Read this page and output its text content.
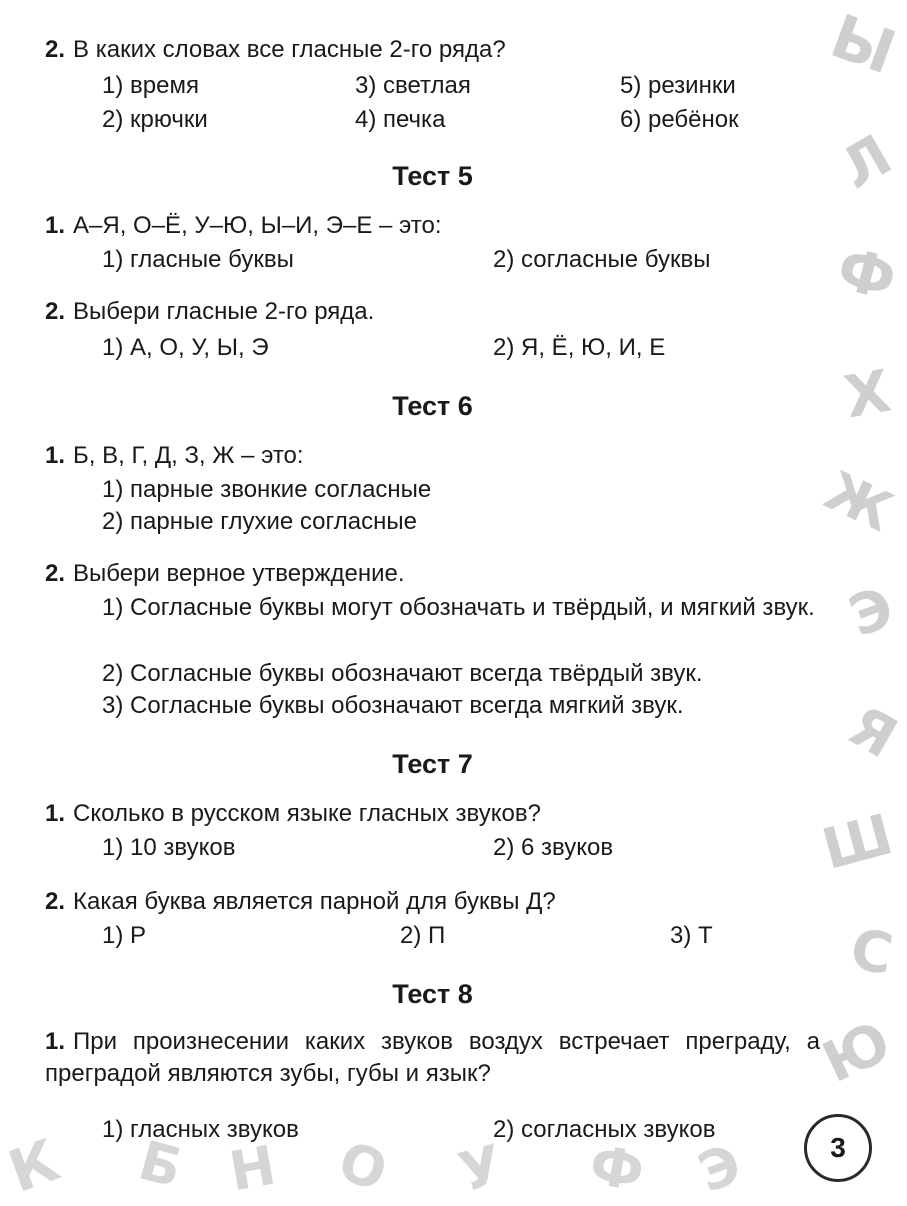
Ы
Л
Ф
Х
Ж
Э
Я
Ш
С
Ю
К Б Н О У Ф Э
2. В каких словах все гласные 2-го ряда?
1) время	3) светлая	5) резинки
2) крючки	4) печка	6) ребёнок
Тест 5
1. А–Я, О–Ё, У–Ю, Ы–И, Э–Е – это:
1) гласные буквы	2) согласные буквы
2. Выбери гласные 2-го ряда.
1) А, О, У, Ы, Э	2) Я, Ё, Ю, И, Е
Тест 6
1. Б, В, Г, Д, З, Ж – это:
1) парные звонкие согласные
2) парные глухие согласные
2. Выбери верное утверждение.
1) Согласные буквы могут обозначать и твёрдый, и мягкий звук.
2) Согласные буквы обозначают всегда твёрдый звук.
3) Согласные буквы обозначают всегда мягкий звук.
Тест 7
1. Сколько в русском языке гласных звуков?
1) 10 звуков	2) 6 звуков
2. Какая буква является парной для буквы Д?
1) Р	2) П	3) Т
Тест 8
1. При произнесении каких звуков воздух встречает преграду, а преградой являются зубы, губы и язык?
1) гласных звуков	2) согласных звуков
3
